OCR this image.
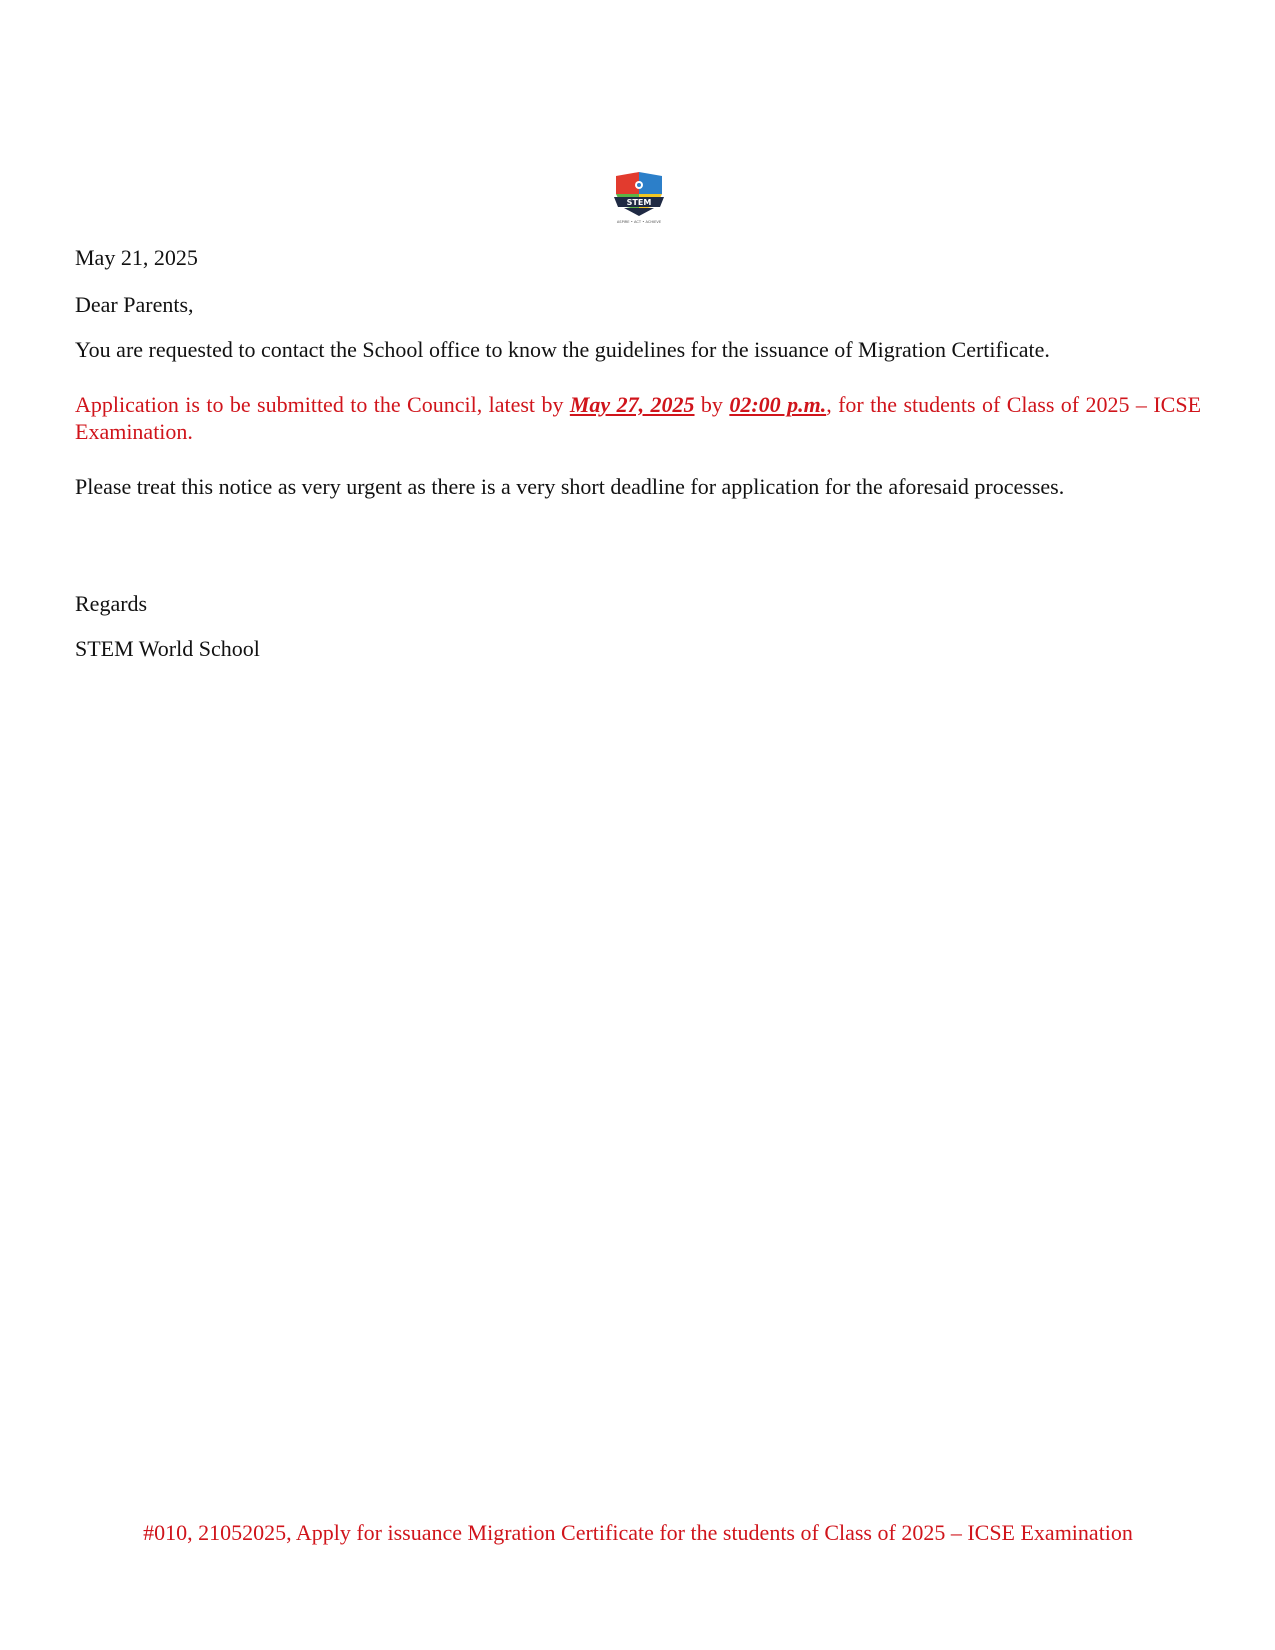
STEM
ASPIRE • ACT • ACHIEVE

May 21, 2025

Dear Parents,

You are requested to contact the School office to know the guidelines for the issuance of Migration Certificate.

Application is to be submitted to the Council, latest by May 27, 2025 by 02:00 p.m., for the students of Class of 2025 – ICSE Examination.

Please treat this notice as very urgent as there is a very short deadline for application for the aforesaid processes.

Regards

STEM World School

#010, 21052025, Apply for issuance Migration Certificate for the students of Class of 2025 – ICSE Examination
